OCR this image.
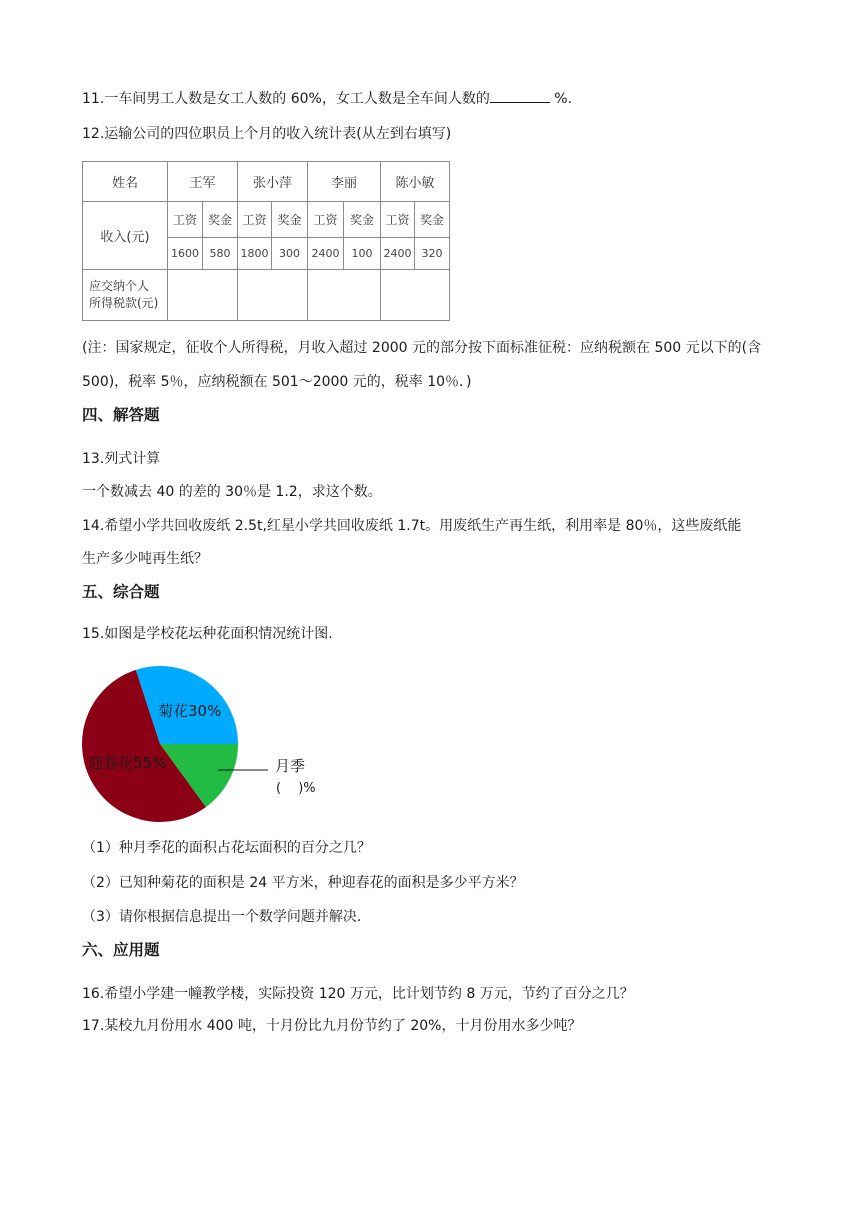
11.一车间男工人数是女工人数的 60%，女工人数是全车间人数的	%.
12.运输公司的四位职员上个月的收入统计表(从左到右填写)
姓名	王军	张小萍	李丽	陈小敏
收入(元)
工资 奖金 工资 奖金 工资	奖金 工资 奖金
1600 580 1800 300	2400	100	2400 320
应交纳个人
所得税款(元)
(注：国家规定，征收个人所得税，月收入超过 2000 元的部分按下面标准征税：应纳税额在 500 元以下的(含
500)，税率 5％，应纳税额在 501～2000 元的，税率 10％．)
四、解答题
13.列式计算
一个数减去 40 的差的 30％是 1.2，求这个数。
14.希望小学共回收废纸 2.5t,红星小学共回收废纸 1.7t。用废纸生产再生纸，利用率是 80％，这些废纸能
生产多少吨再生纸？
五、综合题
15.如图是学校花坛种花面积情况统计图.
菊花30%
迎春花55%	月季
(　 )%
（1）种月季花的面积占花坛面积的百分之几？
（2）已知种菊花的面积是 24 平方米，种迎春花的面积是多少平方米？
（3）请你根据信息提出一个数学问题并解决.
六、应用题
16.希望小学建一幢教学楼，实际投资 120 万元，比计划节约 8 万元，节约了百分之几？
17.某校九月份用水 400 吨，十月份比九月份节约了 20%，十月份用水多少吨？
